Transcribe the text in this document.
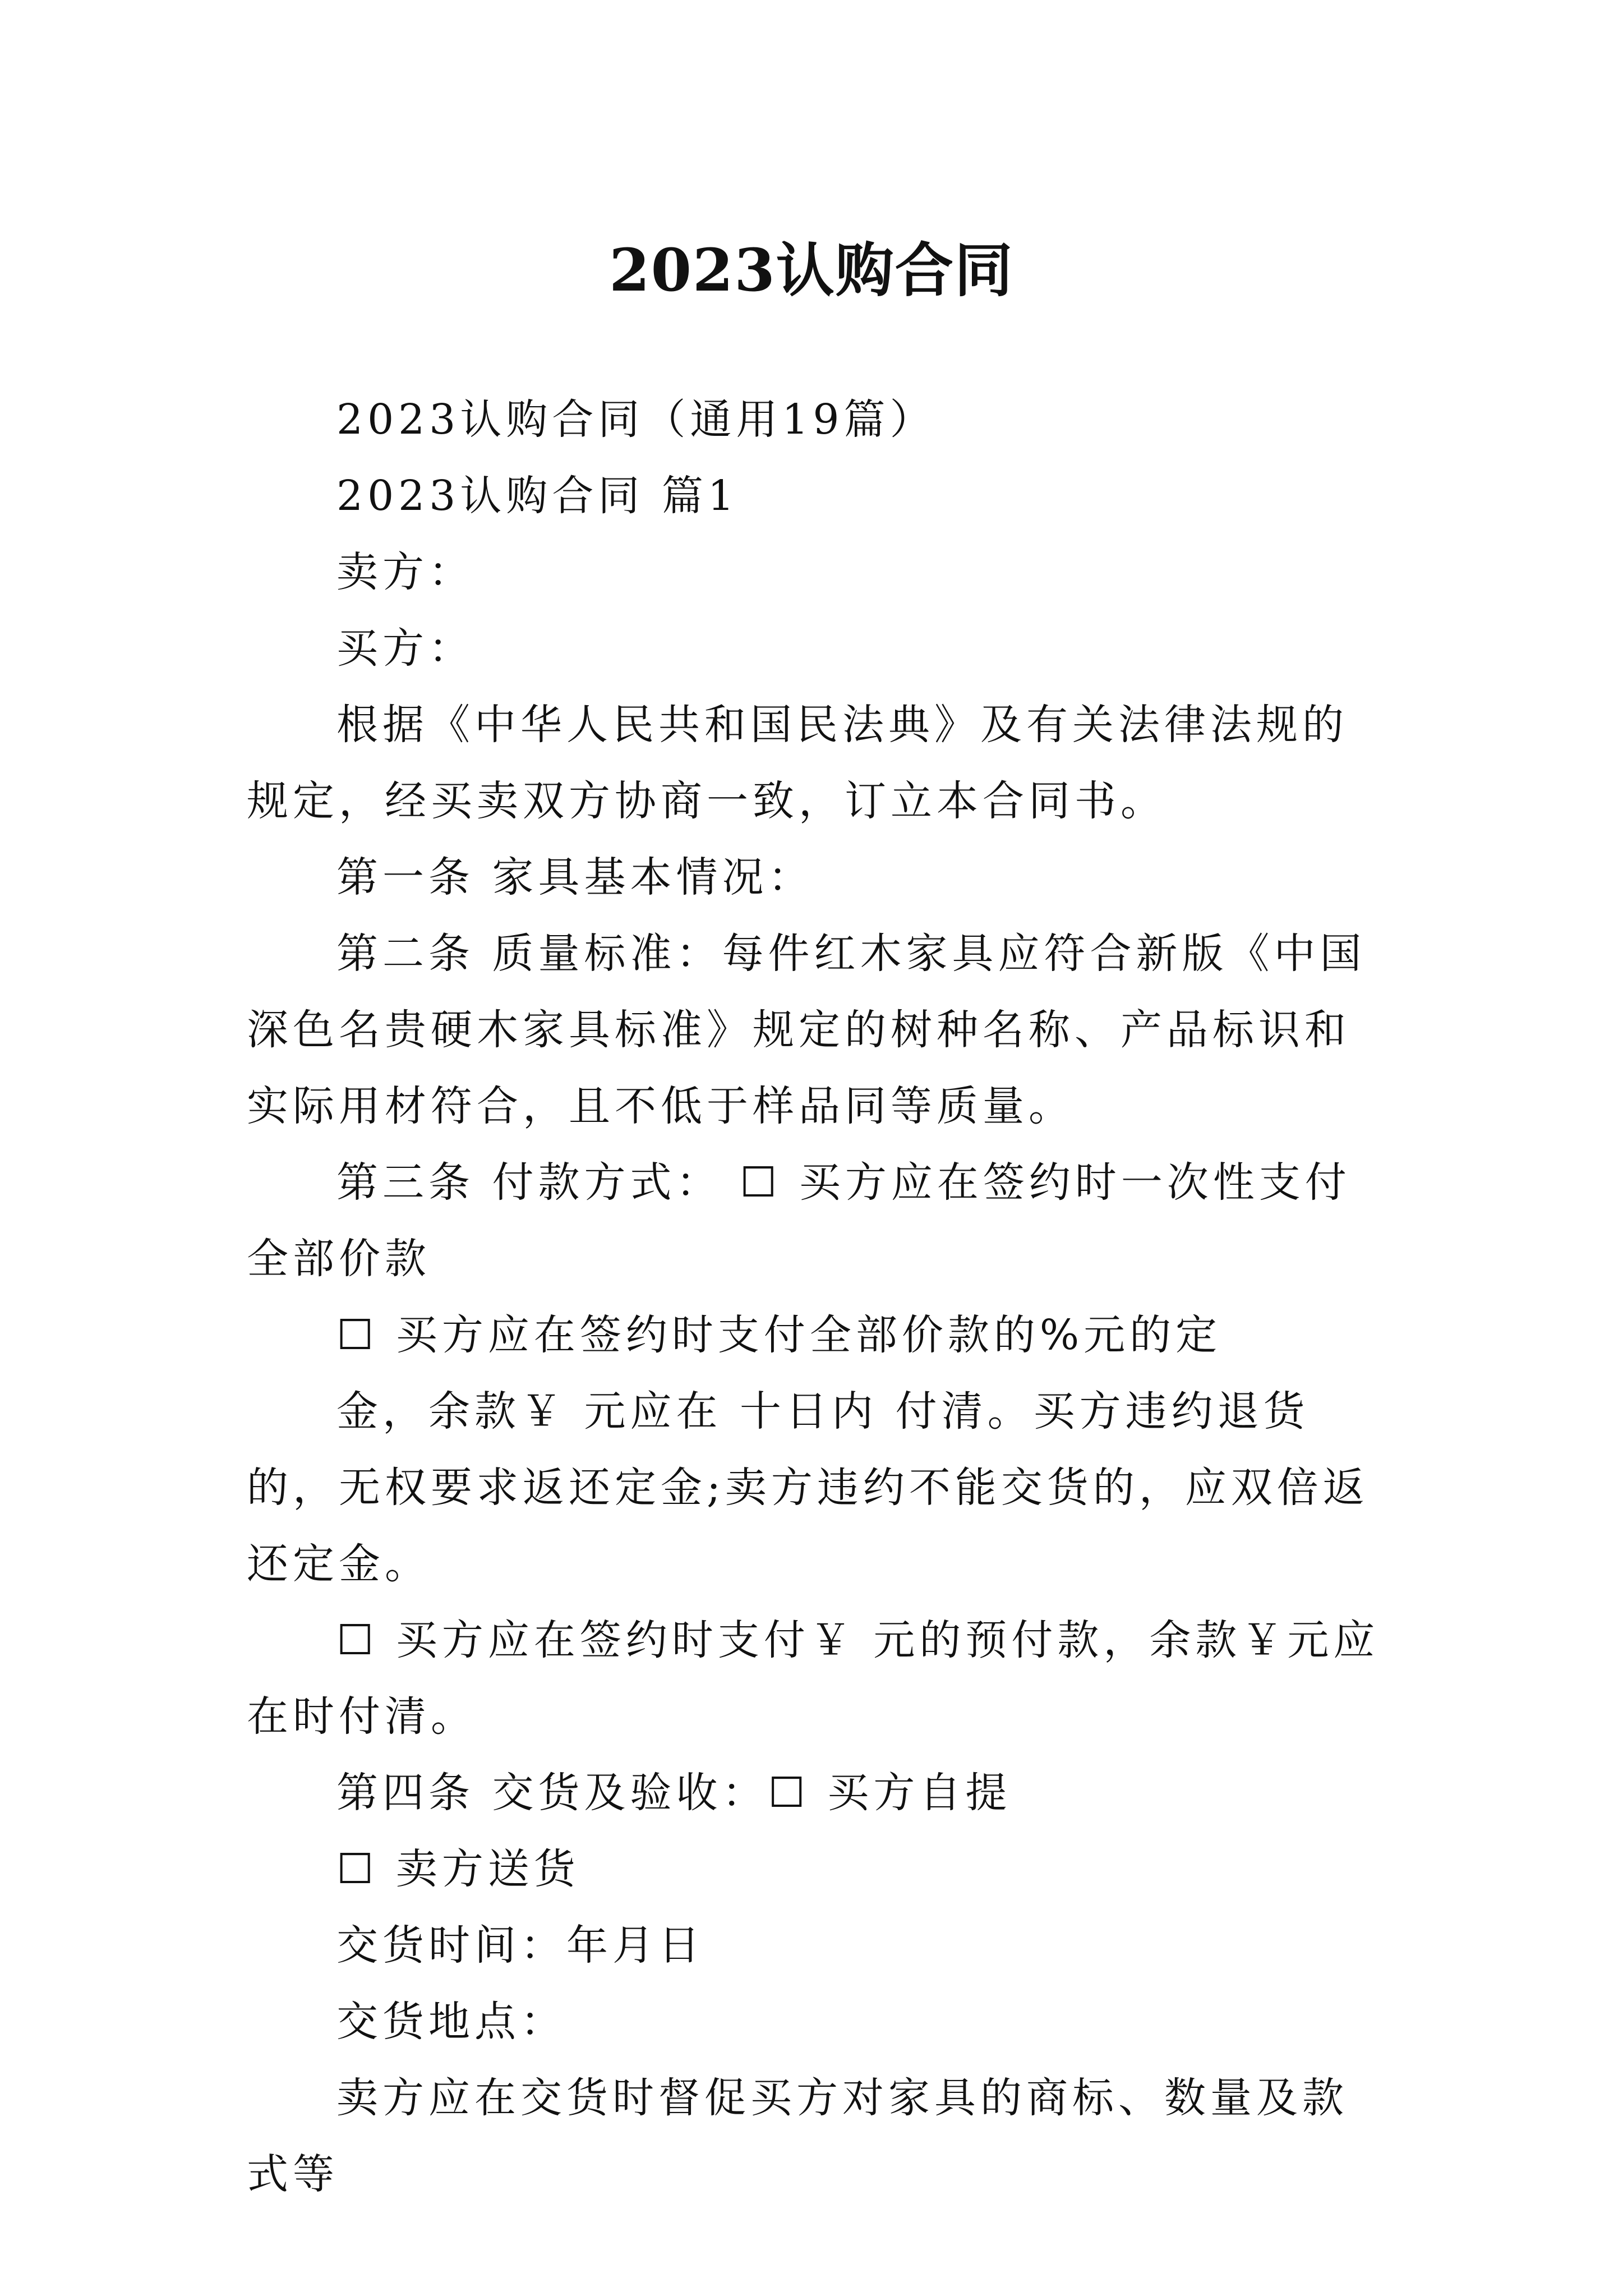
2023认购合同

2023认购合同（通用19篇）

2023认购合同 篇1

卖方：

买方：

根据《中华人民共和国民法典》及有关法律法规的规定，经买卖双方协商一致，订立本合同书。

第一条 家具基本情况：

第二条 质量标准：每件红木家具应符合新版《中国深色名贵硬木家具标准》规定的树种名称、产品标识和实际用材符合，且不低于样品同等质量。

第三条 付款方式： ☐ 买方应在签约时一次性支付全部价款

☐ 买方应在签约时支付全部价款的%元的定

金，余款￥ 元应在 十日内 付清。买方违约退货的，无权要求返还定金;卖方违约不能交货的，应双倍返还定金。

☐ 买方应在签约时支付￥ 元的预付款，余款￥元应在时付清。

第四条 交货及验收：☐ 买方自提

☐ 卖方送货

交货时间：年月日

交货地点：

卖方应在交货时督促买方对家具的商标、数量及款式等
